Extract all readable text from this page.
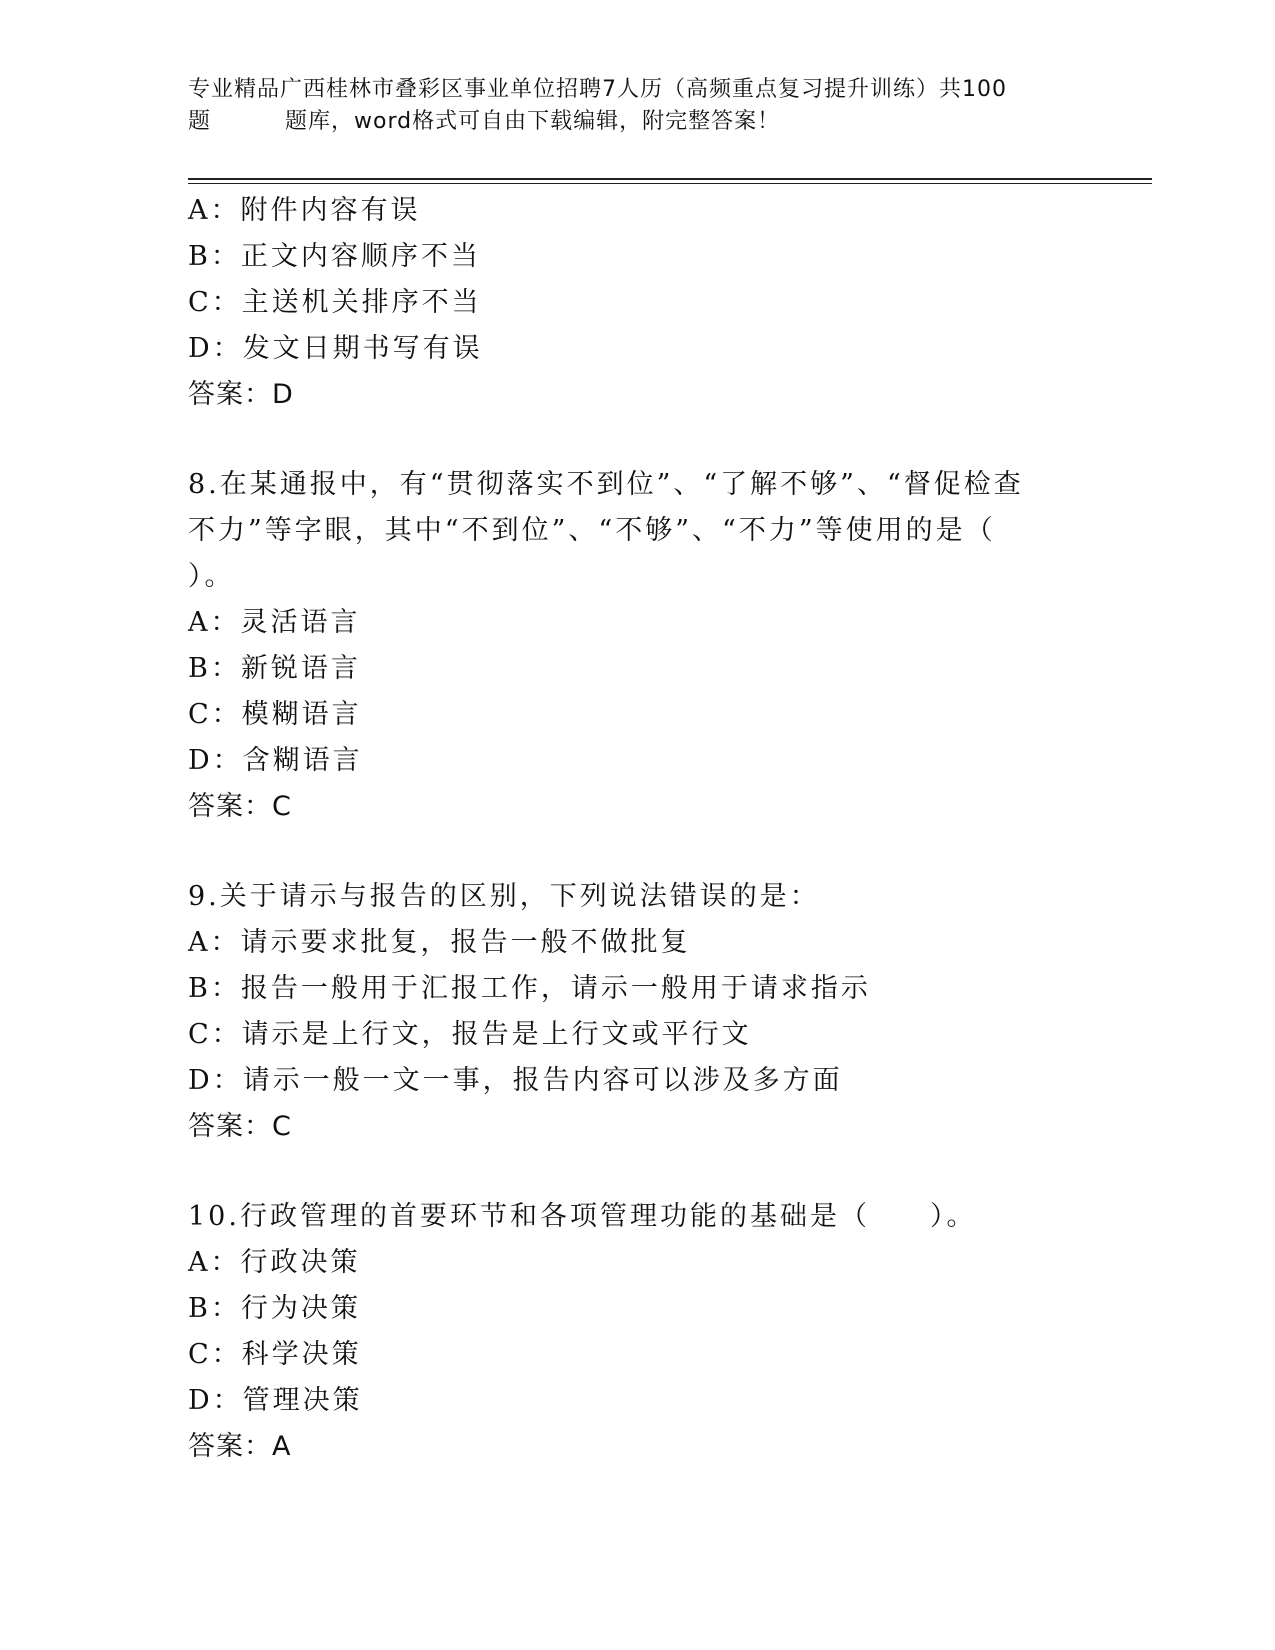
专业精品广西桂林市叠彩区事业单位招聘7人历（高频重点复习提升训练）共100
题	题库，word格式可自由下载编辑，附完整答案！
A：附件内容有误
B：正文内容顺序不当
C：主送机关排序不当
D：发文日期书写有误
答案：D
8.在某通报中，有“贯彻落实不到位”、“了解不够”、“督促检查
不力”等字眼，其中“不到位”、“不够”、“不力”等使用的是（
）。
A：灵活语言
B：新锐语言
C：模糊语言
D：含糊语言
答案：C
9.关于请示与报告的区别，下列说法错误的是：
A：请示要求批复，报告一般不做批复
B：报告一般用于汇报工作，请示一般用于请求指示
C：请示是上行文，报告是上行文或平行文
D：请示一般一文一事，报告内容可以涉及多方面
答案：C
10.行政管理的首要环节和各项管理功能的基础是（　　）。
A：行政决策
B：行为决策
C：科学决策
D：管理决策
答案：A
